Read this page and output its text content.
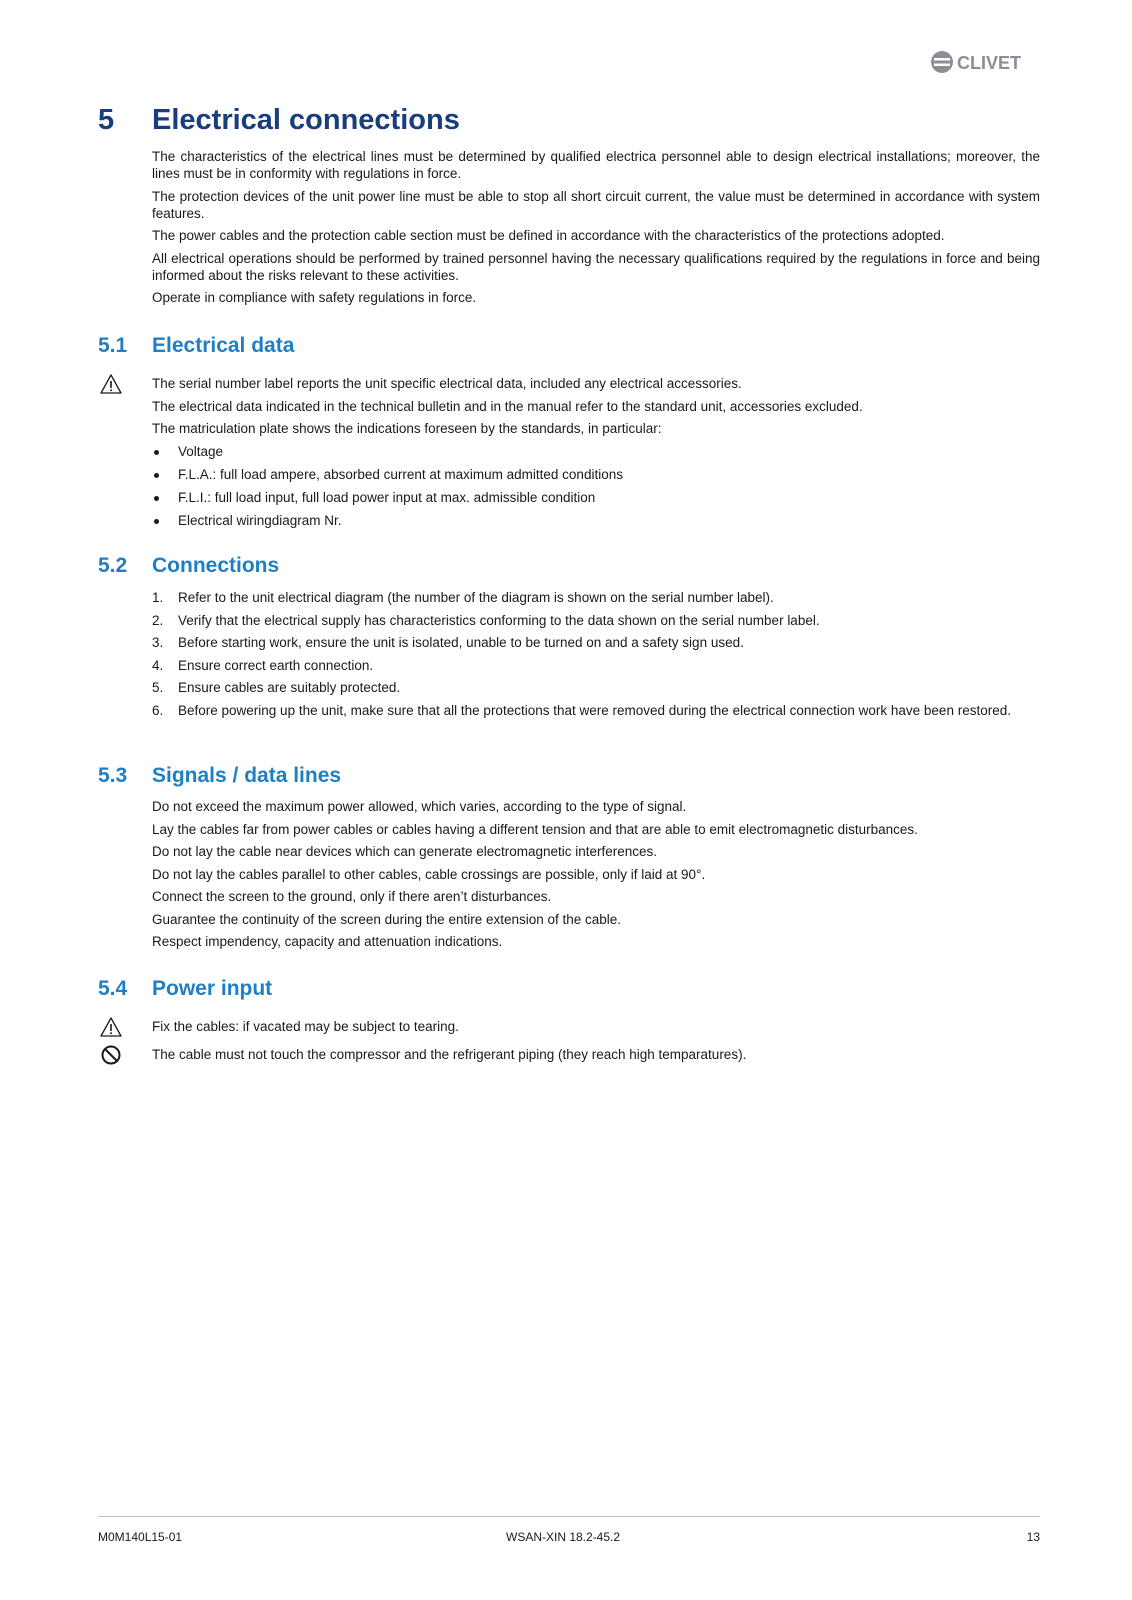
CLIVET
5 Electrical connections

The characteristics of the electrical lines must be determined by qualified electrica personnel able to design electrical installations; moreover, the lines must be in conformity with regulations in force.

The protection devices of the unit power line must be able to stop all short circuit current, the value must be determined in accordance with system features.

The power cables and the protection cable section must be defined in accordance with the characteristics of the protections adopted.

All electrical operations should be performed by trained personnel having the necessary qualifications required by the regulations in force and being informed about the risks relevant to these activities.

Operate in compliance with safety regulations in force.

5.1 Electrical data
The serial number label reports the unit specific electrical data, included any electrical accessories.
The electrical data indicated in the technical bulletin and in the manual refer to the standard unit, accessories excluded.
The matriculation plate shows the indications foreseen by the standards, in particular:
Voltage
F.L.A.: full load ampere, absorbed current at maximum admitted conditions
F.L.I.: full load input, full load power input at max. admissible condition
Electrical wiringdiagram Nr.
5.2 Connections
1. Refer to the unit electrical diagram (the number of the diagram is shown on the serial number label).
2. Verify that the electrical supply has characteristics conforming to the data shown on the serial number label.
3. Before starting work, ensure the unit is isolated, unable to be turned on and a safety sign used.
4. Ensure correct earth connection.
5. Ensure cables are suitably protected.
6. Before powering up the unit, make sure that all the protections that were removed during the electrical connection work have been restored.
5.3 Signals / data lines
Do not exceed the maximum power allowed, which varies, according to the type of signal.
Lay the cables far from power cables or cables having a different tension and that are able to emit electromagnetic disturbances.
Do not lay the cable near devices which can generate electromagnetic interferences.
Do not lay the cables parallel to other cables, cable crossings are possible, only if laid at 90°.
Connect the screen to the ground, only if there aren’t disturbances.
Guarantee the continuity of the screen during the entire extension of the cable.
Respect impendency, capacity and attenuation indications.
5.4 Power input
Fix the cables: if vacated may be subject to tearing.
The cable must not touch the compressor and the refrigerant piping (they reach high temparatures).
M0M140L15-01	WSAN-XIN 18.2-45.2	13
